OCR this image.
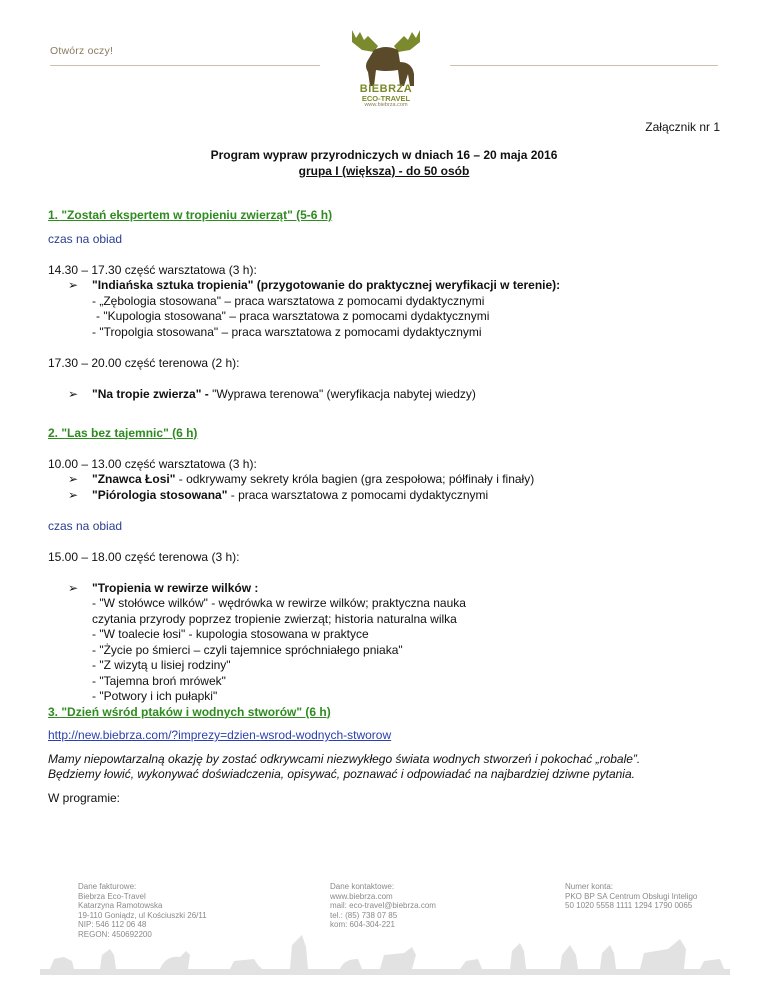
Otwórz oczy!
BIEBRZA
ECO-TRAVEL
www.biebrza.com
Załącznik nr 1
Program wypraw przyrodniczych w dniach 16 – 20 maja 2016
grupa I (większa) - do 50 osób
1. "Zostań ekspertem w tropieniu zwierząt" (5-6 h)
czas na obiad
14.30 – 17.30 część warsztatowa (3 h):
➢ "Indiańska sztuka tropienia" (przygotowanie do praktycznej weryfikacji w terenie):
- „Zębologia stosowana" – praca warsztatowa z pomocami dydaktycznymi
- "Kupologia stosowana" – praca warsztatowa z pomocami dydaktycznymi
- "Tropolgia stosowana" – praca warsztatowa z pomocami dydaktycznymi
17.30 – 20.00 część terenowa (2 h):
➢ "Na tropie zwierza" - "Wyprawa terenowa" (weryfikacja nabytej wiedzy)
2. "Las bez tajemnic" (6 h)
10.00 – 13.00 część warsztatowa (3 h):
➢ "Znawca Łosi" - odkrywamy sekrety króla bagien (gra zespołowa; półfinały i finały)
➢ "Piórologia stosowana" - praca warsztatowa z pomocami dydaktycznymi
czas na obiad
15.00 – 18.00 część terenowa (3 h):
➢ "Tropienia w rewirze wilków :
- "W stołówce wilków" - wędrówka w rewirze wilków; praktyczna nauka
czytania przyrody poprzez tropienie zwierząt; historia naturalna wilka
- "W toalecie łosi" - kupologia stosowana w praktyce
- "Życie po śmierci – czyli tajemnice spróchniałego pniaka"
- "Z wizytą u lisiej rodziny"
- "Tajemna broń mrówek"
- "Potwory i ich pułapki"
3. "Dzień wśród ptaków i wodnych stworów" (6 h)
http://new.biebrza.com/?imprezy=dzien-wsrod-wodnych-stworow
Mamy niepowtarzalną okazję by zostać odkrywcami niezwykłego świata wodnych stworzeń i pokochać „robale”.
Będziemy łowić, wykonywać doświadczenia, opisywać, poznawać i odpowiadać na najbardziej dziwne pytania.
W programie:
Dane fakturowe:
Biebrza Eco-Travel
Katarzyna Ramotowska
19-110 Goniądz, ul Kościuszki 26/11
NIP: 546 112 06 48
REGON: 450692200
Dane kontaktowe:
www.biebrza.com
mail: eco-travel@biebrza.com
tel.: (85) 738 07 85
kom: 604-304-221
Numer konta:
PKO BP SA Centrum Obsługi Inteligo
50 1020 5558 1111 1294 1790 0065
